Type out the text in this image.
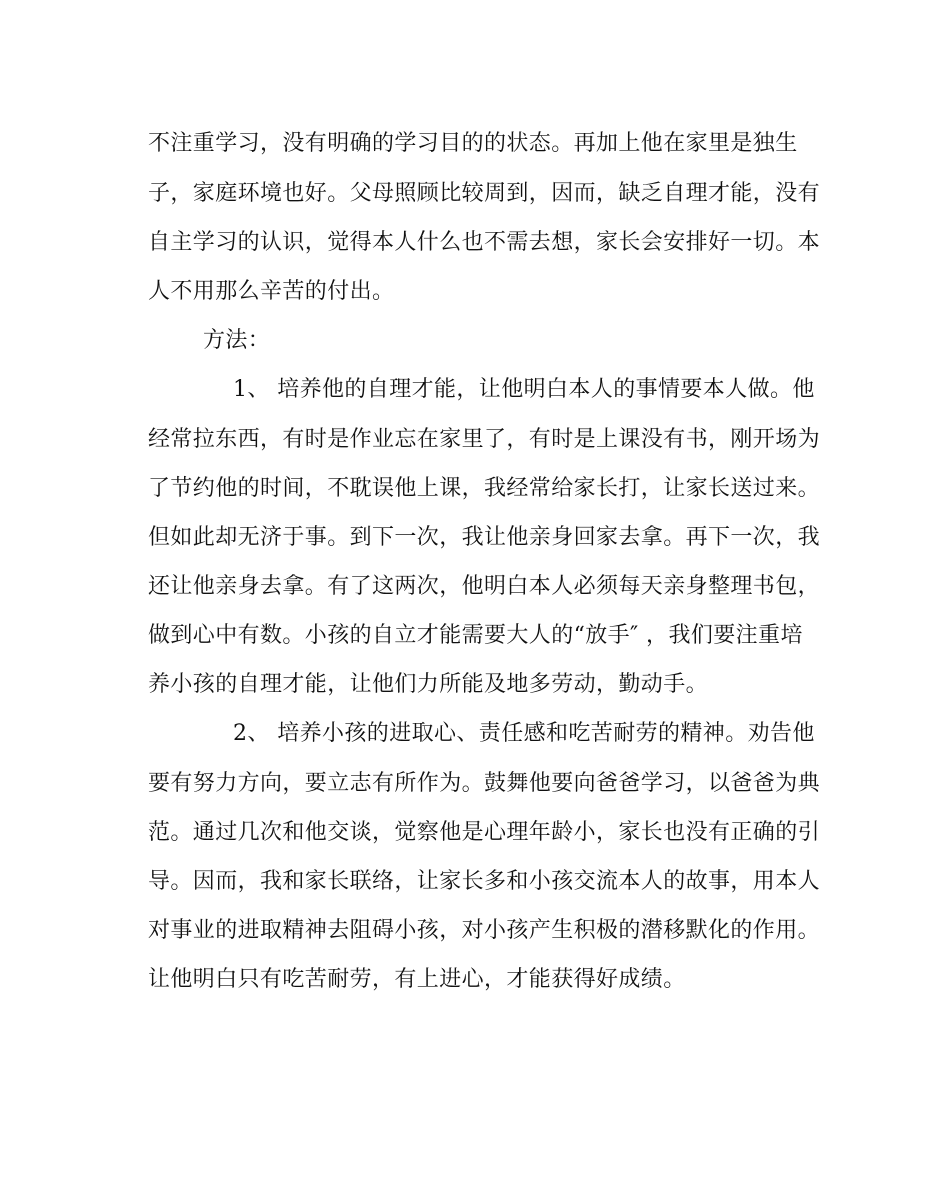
不注重学习，没有明确的学习目的的状态。再加上他在家里是独生
子，家庭环境也好。父母照顾比较周到，因而，缺乏自理才能，没有
自主学习的认识，觉得本人什么也不需去想，家长会安排好一切。本
人不用那么辛苦的付出。
方法：
1、 培养他的自理才能，让他明白本人的事情要本人做。他
经常拉东西，有时是作业忘在家里了，有时是上课没有书，刚开场为
了节约他的时间，不耽误他上课，我经常给家长打，让家长送过来。
但如此却无济于事。到下一次，我让他亲身回家去拿。再下一次，我
还让他亲身去拿。有了这两次，他明白本人必须每天亲身整理书包，
做到心中有数。小孩的自立才能需要大人的“放手″ ，我们要注重培
养小孩的自理才能，让他们力所能及地多劳动，勤动手。
2、 培养小孩的进取心、责任感和吃苦耐劳的精神。劝告他
要有努力方向，要立志有所作为。鼓舞他要向爸爸学习，以爸爸为典
范。通过几次和他交谈，觉察他是心理年龄小，家长也没有正确的引
导。因而，我和家长联络，让家长多和小孩交流本人的故事，用本人
对事业的进取精神去阻碍小孩，对小孩产生积极的潜移默化的作用。
让他明白只有吃苦耐劳，有上进心，才能获得好成绩。
